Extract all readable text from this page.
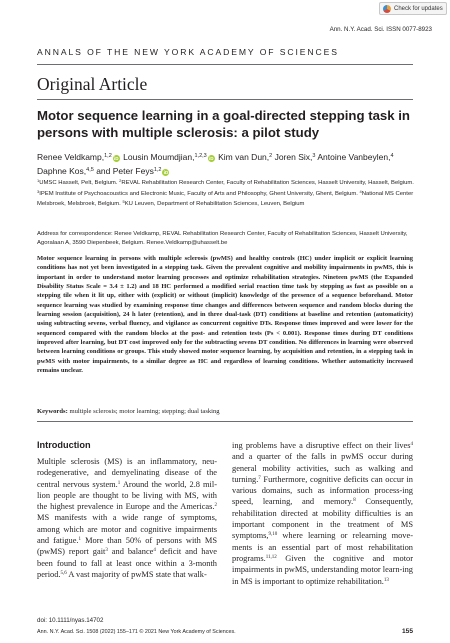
Check for updates
Ann. N.Y. Acad. Sci. ISSN 0077-8923
ANNALS OF THE NEW YORK ACADEMY OF SCIENCES
Original Article
Motor sequence learning in a goal-directed stepping task in persons with multiple sclerosis: a pilot study
Renee Veldkamp,$^{1,2}$ iD Lousin Moumdjian,$^{1,2,3}$ iD Kim van Dun,$^2$ Joren Six,$^3$ Antoine Vanbeylen,$^4$ Daphne Kos,$^{4,5}$ and Peter Feys$^{1,2}$ iD
$^1$UMSC Hasselt, Pelt, Belgium. $^2$REVAL Rehabilitation Research Center, Faculty of Rehabilitation Sciences, Hasselt University, Hasselt, Belgium. $^3$IPEM Institute of Psychoacoustics and Electronic Music, Faculty of Arts and Philosophy, Ghent University, Ghent, Belgium. $^4$National MS Center Melsbroek, Melsbroek, Belgium. $^5$KU Leuven, Department of Rehabilitation Sciences, Leuven, Belgium
Address for correspondence: Renee Veldkamp, REVAL Rehabilitation Research Center, Faculty of Rehabilitation Sciences, Hasselt University, Agoralaan A, 3590 Diepenbeek, Belgium. Renee.Veldkamp@uhasselt.be

Motor sequence learning in persons with multiple sclerosis (pwMS) and healthy controls (HC) under implicit or explicit learning conditions has not yet been investigated in a stepping task. Given the prevalent cognitive and mobility impairments in pwMS, this is important in order to understand motor learning processes and optimize rehabilitation strategies. Nineteen pwMS (the Expanded Disability Status Scale = 3.4 ± 1.2) and 18 HC performed a modified serial reaction time task by stepping as fast as possible on a stepping tile when it lit up, either with (explicit) or without (implicit) knowledge of the presence of a sequence beforehand. Motor sequence learning was studied by examining response time changes and differences between sequence and random blocks during the learning session (acquisition), 24 h later (retention), and in three dual-task (DT) conditions at baseline and retention (automaticity) using subtracting sevens, verbal fluency, and vigilance as concurrent cognitive DTs. Response times improved and were lower for the sequenced compared with the random blocks at the post- and retention tests (Ps < 0.001). Response times during DT conditions improved after learning, but DT cost improved only for the subtracting sevens DT condition. No differences in learning were observed between learning conditions or groups. This study showed motor sequence learning, by acquisition and retention, in a stepping task in pwMS with motor impairments, to a similar degree as HC and regardless of learning conditions. Whether automaticity increased remains unclear.

Keywords: multiple sclerosis; motor learning; stepping; dual tasking

Introduction

Multiple sclerosis (MS) is an inflammatory, neu-rodegenerative, and demyelinating disease of the central nervous system.$^1$ Around the world, 2.8 mil-lion people are thought to be living with MS, with the highest prevalence in Europe and the Americas.$^2$ MS manifests with a wide range of symptoms, among which are motor and cognitive impairments and fatigue.$^1$ More than 50% of persons with MS (pwMS) report gait$^3$ and balance$^4$ deficit and have been found to fall at least once within a 3-month period.$^{5,6}$ A vast majority of pwMS state that walk-

ing problems have a disruptive effect on their lives$^4$ and a quarter of the falls in pwMS occur during general mobility activities, such as walking and turning.$^7$ Furthermore, cognitive deficits can occur in various domains, such as information process-ing speed, learning, and memory.$^8$ Consequently, rehabilitation directed at mobility difficulties is an important component in the treatment of MS symptoms,$^{9,10}$ where learning or relearning move-ments is an essential part of most rehabilitation programs.$^{11,12}$ Given the cognitive and motor impairments in pwMS, understanding motor learn-ing in MS is important to optimize rehabilitation.$^{13}$

doi: 10.1111/nyas.14702
Ann. N.Y. Acad. Sci. 1508 (2022) 155–171 © 2021 New York Academy of Sciences.	155
